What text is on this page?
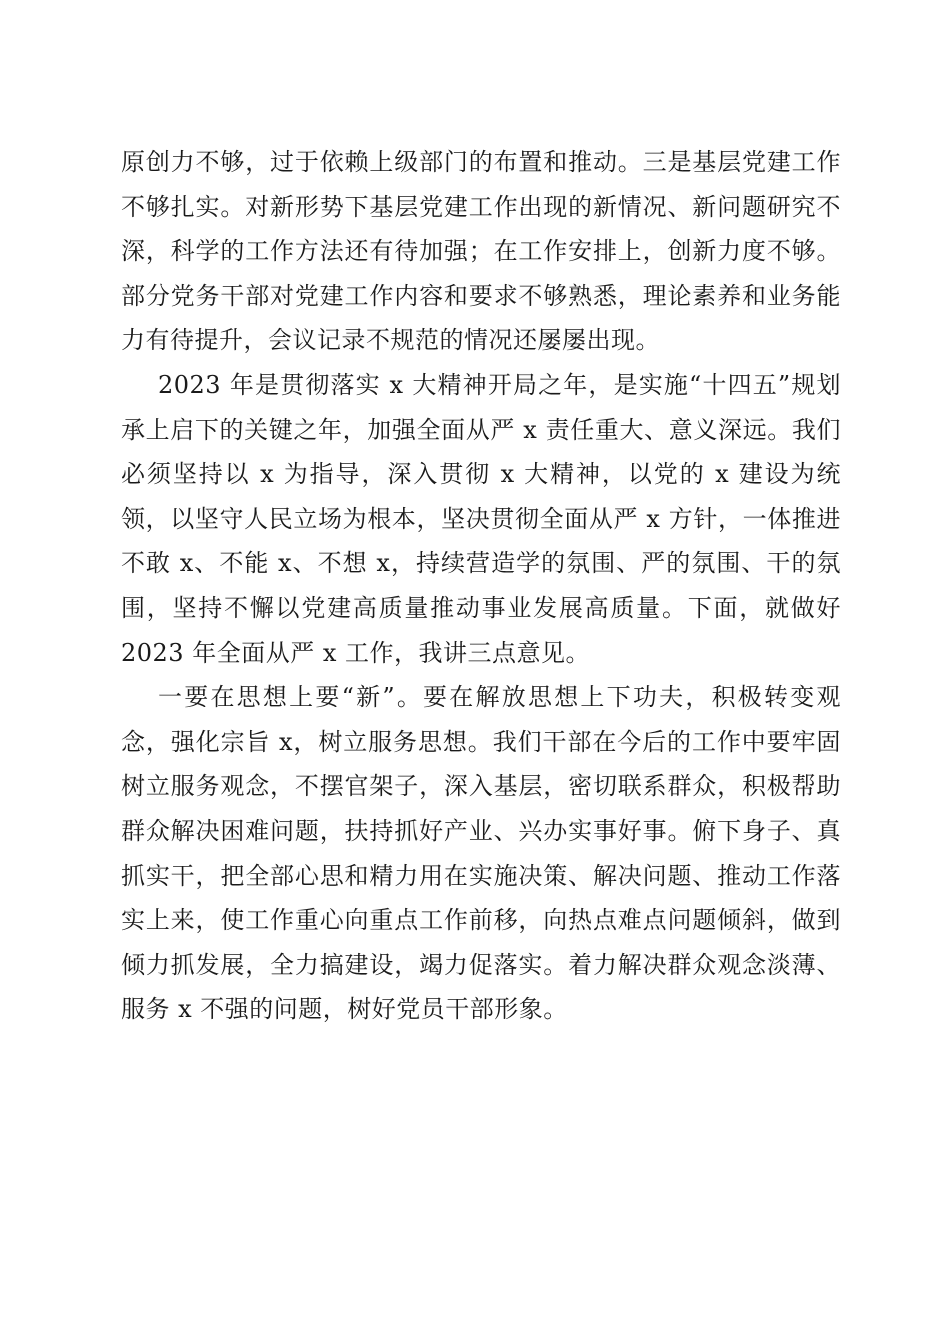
原创力不够，过于依赖上级部门的布置和推动。三是基层党建工作不够扎实。对新形势下基层党建工作出现的新情况、新问题研究不深，科学的工作方法还有待加强；在工作安排上，创新力度不够。部分党务干部对党建工作内容和要求不够熟悉，理论素养和业务能力有待提升，会议记录不规范的情况还屡屡出现。

2023 年是贯彻落实 x 大精神开局之年，是实施“十四五”规划承上启下的关键之年，加强全面从严 x 责任重大、意义深远。我们必须坚持以 x 为指导，深入贯彻 x 大精神，以党的 x 建设为统领，以坚守人民立场为根本，坚决贯彻全面从严 x 方针，一体推进不敢 x、不能 x、不想 x，持续营造学的氛围、严的氛围、干的氛围，坚持不懈以党建高质量推动事业发展高质量。下面，就做好 2023 年全面从严 x 工作，我讲三点意见。

一要在思想上要“新”。要在解放思想上下功夫，积极转变观念，强化宗旨 x，树立服务思想。我们干部在今后的工作中要牢固树立服务观念，不摆官架子，深入基层，密切联系群众，积极帮助群众解决困难问题，扶持抓好产业、兴办实事好事。俯下身子、真抓实干，把全部心思和精力用在实施决策、解决问题、推动工作落实上来，使工作重心向重点工作前移，向热点难点问题倾斜，做到倾力抓发展，全力搞建设，竭力促落实。着力解决群众观念淡薄、服务 x 不强的问题，树好党员干部形象。
